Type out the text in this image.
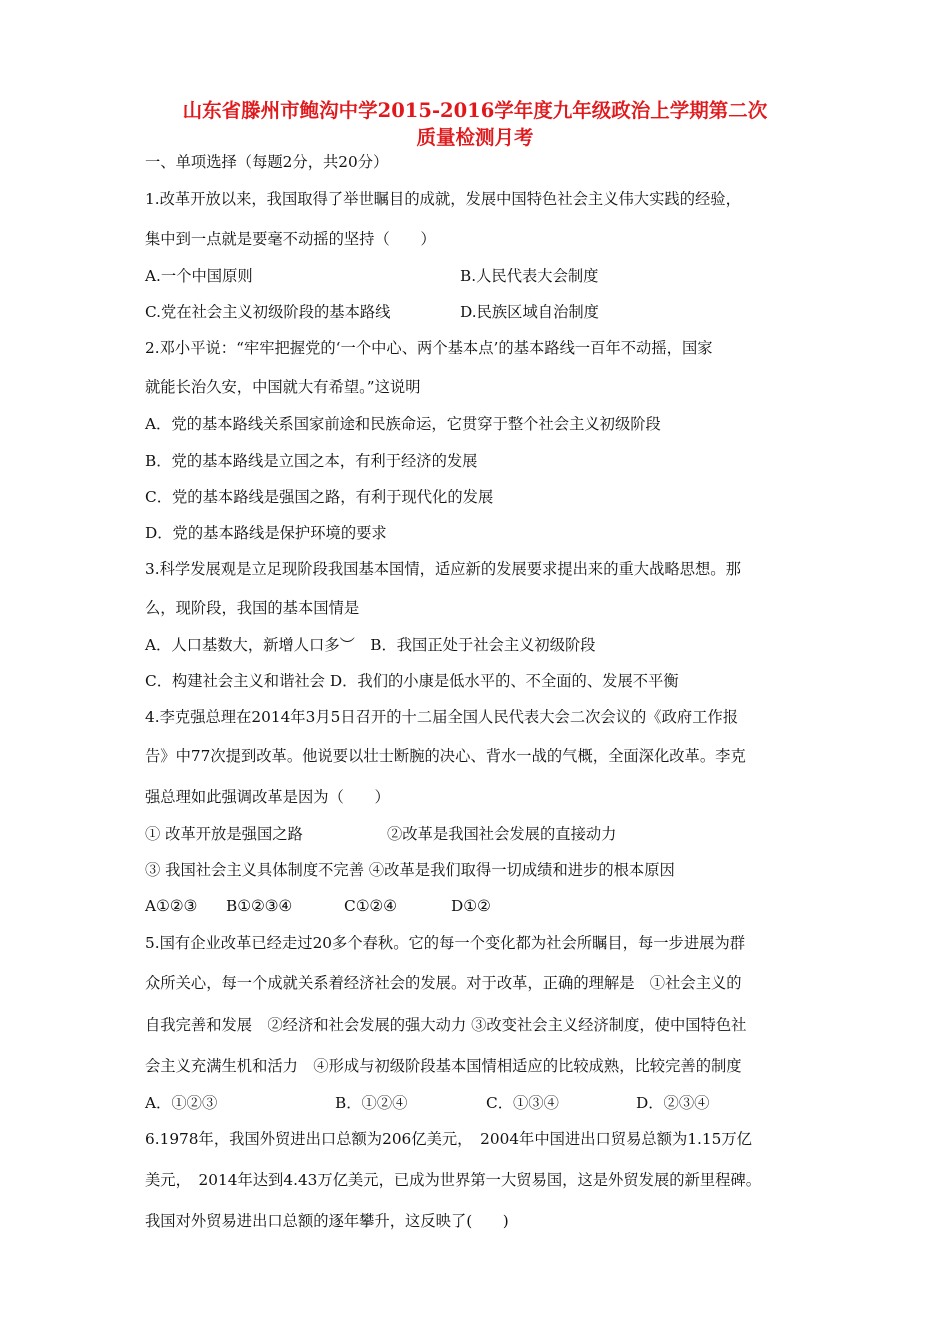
山东省滕州市鲍沟中学2015-2016学年度九年级政治上学期第二次
质量检测月考
一、单项选择（每题2分，共20分）
1.改革开放以来，我国取得了举世瞩目的成就，发展中国特色社会主义伟大实践的经验，
集中到一点就是要毫不动摇的坚持（　　）
A.一个中国原则	B.人民代表大会制度
C.党在社会主义初级阶段的基本路线	D.民族区域自治制度
2.邓小平说：“牢牢把握党的‘一个中心、两个基本点’的基本路线一百年不动摇，国家
就能长治久安，中国就大有希望。”这说明
A．党的基本路线关系国家前途和民族命运，它贯穿于整个社会主义初级阶段
B．党的基本路线是立国之本，有利于经济的发展
C．党的基本路线是强国之路，有利于现代化的发展
D．党的基本路线是保护环境的要求
3.科学发展观是立足现阶段我国基本国情，适应新的发展要求提出来的重大战略思想。那
么，现阶段，我国的基本国情是
A．人口基数大，新增人口多︶　B．我国正处于社会主义初级阶段
C．构建社会主义和谐社会 D．我们的小康是低水平的、不全面的、发展不平衡
4.李克强总理在2014年3月5日召开的十二届全国人民代表大会二次会议的《政府工作报
告》中77次提到改革。他说要以壮士断腕的决心、背水一战的气概，全面深化改革。李克
强总理如此强调改革是因为（　　）
① 改革开放是强国之路	②改革是我国社会发展的直接动力
③ 我国社会主义具体制度不完善 ④改革是我们取得一切成绩和进步的根本原因
A①②③ B①②③④	C①②④	D①②
5.国有企业改革已经走过20多个春秋。它的每一个变化都为社会所瞩目，每一步进展为群
众所关心，每一个成就关系着经济社会的发展。对于改革，正确的理解是　①社会主义的
自我完善和发展　②经济和社会发展的强大动力 ③改变社会主义经济制度，使中国特色社
会主义充满生机和活力　④形成与初级阶段基本国情相适应的比较成熟，比较完善的制度
A．①②③	B．①②④	C．①③④	D．②③④
6.1978年，我国外贸进出口总额为206亿美元，　2004年中国进出口贸易总额为1.15万亿
美元，　2014年达到4.43万亿美元，已成为世界第一大贸易国，这是外贸发展的新里程碑。
我国对外贸易进出口总额的逐年攀升，这反映了(　　)
